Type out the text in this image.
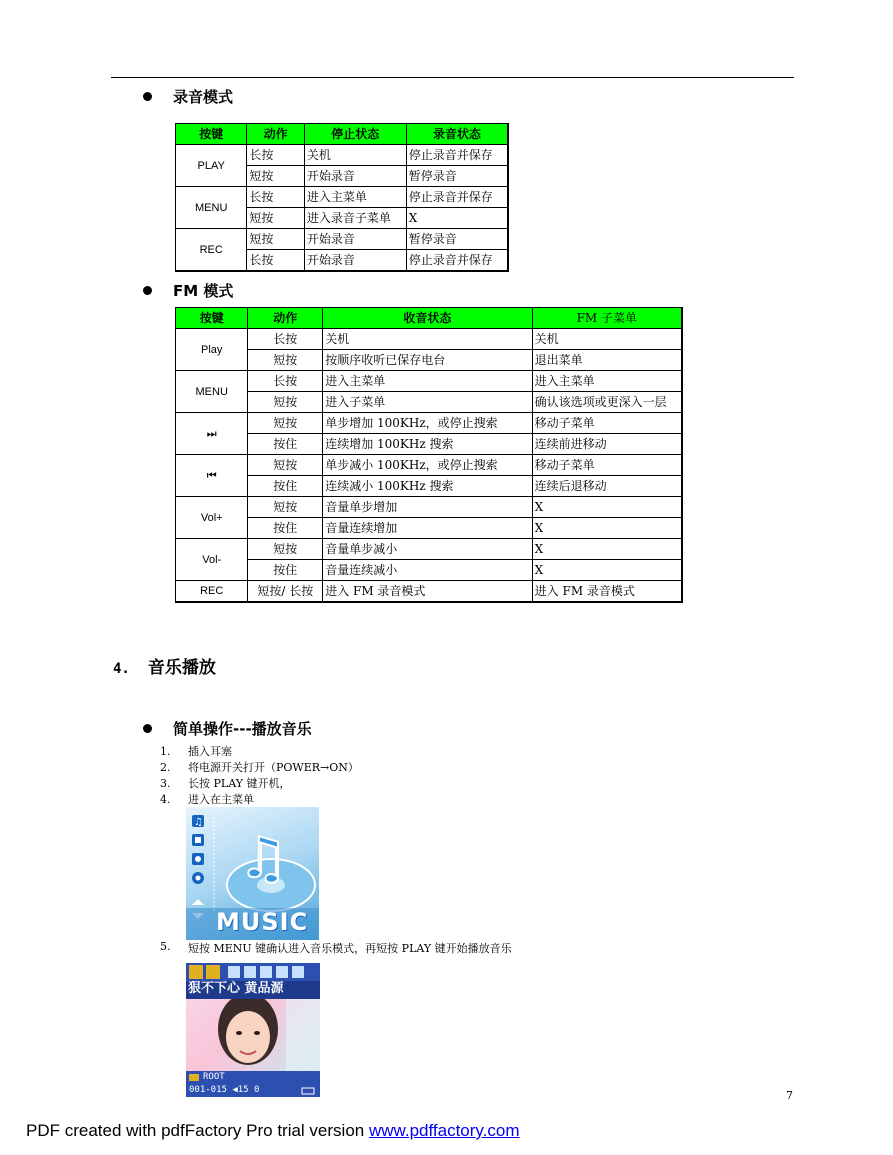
录音模式
按键	动作	停止状态	录音状态
PLAY	长按	关机	停止录音并保存
	短按	开始录音	暂停录音
MENU	长按	进入主菜单	停止录音并保存
	短按	进入录音子菜单	X
REC	短按	开始录音	暂停录音
	长按	开始录音	停止录音并保存
FM 模式
按键	动作	收音状态	FM 子菜单
Play	长按	关机	关机
	短按	按顺序收听已保存电台	退出菜单
MENU	长按	进入主菜单	进入主菜单
	短按	进入子菜单	确认该选项或更深入一层
⏭	短按	单步增加 100KHz，或停止搜索	移动子菜单
	按住	连续增加 100KHz 搜索	连续前进移动
⏮	短按	单步减小 100KHz，或停止搜索	移动子菜单
	按住	连续减小 100KHz 搜索	连续后退移动
Vol+	短按	音量单步增加	X
	按住	音量连续增加	X
Vol-	短按	音量单步减小	X
	按住	音量连续减小	X
REC	短按/ 长按	进入 FM 录音模式	进入 FM 录音模式
4. 音乐播放
简单操作---播放音乐
1.	插入耳塞
2.	将电源开关打开（POWER→ON）
3.	长按 PLAY 键开机，
4.	进入在主菜单
♫
♫
MUSIC
5.	短按 MENU 键确认进入音乐模式，再短按 PLAY 键开始播放音乐
狠不下心 黄品源
ROOT
001-015 ◀15 0	7
PDF created with pdfFactory Pro trial version www.pdffactory.com
